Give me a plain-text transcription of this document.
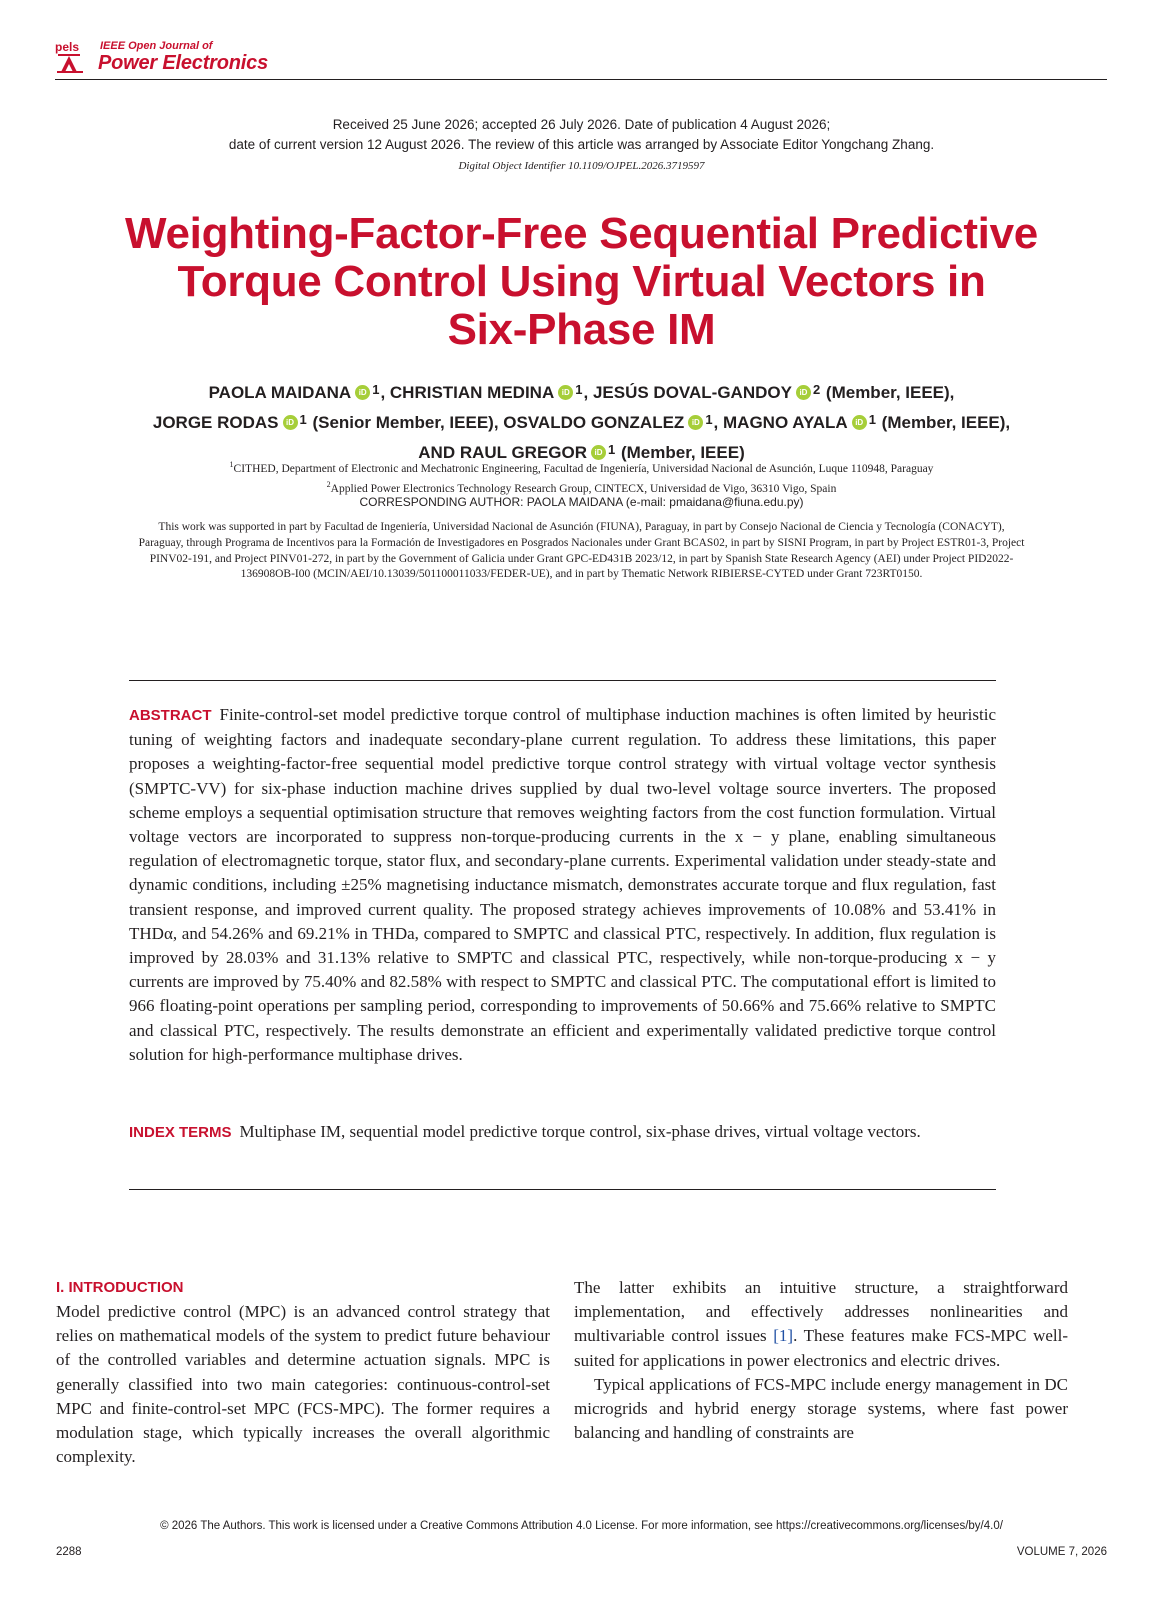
pels IEEE Open Journal of
Power Electronics
Received 25 June 2026; accepted 26 July 2026. Date of publication 4 August 2026;
date of current version 12 August 2026. The review of this article was arranged by Associate Editor Yongchang Zhang.
Digital Object Identifier 10.1109/OJPEL.2026.3719597
Weighting-Factor-Free Sequential Predictive
Torque Control Using Virtual Vectors in
Six-Phase IM
PAOLA MAIDANA iD $^1$, CHRISTIAN MEDINA iD $^1$, JESÚS DOVAL-GANDOY iD $^2$ (Member, IEEE),
JORGE RODAS iD $^1$ (Senior Member, IEEE), OSVALDO GONZALEZ iD $^1$, MAGNO AYALA iD $^1$ (Member, IEEE),
AND RAUL GREGOR iD $^1$ (Member, IEEE)
$^1$CITHED, Department of Electronic and Mechatronic Engineering, Facultad de Ingeniería, Universidad Nacional de Asunción, Luque 110948, Paraguay
$^2$Applied Power Electronics Technology Research Group, CINTECX, Universidad de Vigo, 36310 Vigo, Spain
CORRESPONDING AUTHOR: PAOLA MAIDANA (e-mail: pmaidana@fiuna.edu.py)
This work was supported in part by Facultad de Ingeniería, Universidad Nacional de Asunción (FIUNA), Paraguay, in part by Consejo Nacional de Ciencia y Tecnología (CONACYT), Paraguay, through Programa de Incentivos para la Formación de Investigadores en Posgrados Nacionales under Grant BCAS02, in part by SISNI Program, in part by Project ESTR01-3, Project PINV02-191, and Project PINV01-272, in part by the Government of Galicia under Grant GPC-ED431B 2023/12, in part by Spanish State Research Agency (AEI) under Project PID2022-136908OB-I00 (MCIN/AEI/10.13039/501100011033/FEDER-UE), and in part by Thematic Network RIBIERSE-CYTED under Grant 723RT0150.
ABSTRACT Finite-control-set model predictive torque control of multiphase induction machines is often limited by heuristic tuning of weighting factors and inadequate secondary-plane current regulation. To address these limitations, this paper proposes a weighting-factor-free sequential model predictive torque control strategy with virtual voltage vector synthesis (SMPTC-VV) for six-phase induction machine drives supplied by dual two-level voltage source inverters. The proposed scheme employs a sequential optimisation structure that removes weighting factors from the cost function formulation. Virtual voltage vectors are incorporated to suppress non-torque-producing currents in the x − y plane, enabling simultaneous regulation of electromagnetic torque, stator flux, and secondary-plane currents. Experimental validation under steady-state and dynamic conditions, including ±25% magnetising inductance mismatch, demonstrates accurate torque and flux regulation, fast transient response, and improved current quality. The proposed strategy achieves improvements of 10.08% and 53.41% in THDα, and 54.26% and 69.21% in THDa, compared to SMPTC and classical PTC, respectively. In addition, flux regulation is improved by 28.03% and 31.13% relative to SMPTC and classical PTC, respectively, while non-torque-producing x − y currents are improved by 75.40% and 82.58% with respect to SMPTC and classical PTC. The computational effort is limited to 966 floating-point operations per sampling period, corresponding to improvements of 50.66% and 75.66% relative to SMPTC and classical PTC, respectively. The results demonstrate an efficient and experimentally validated predictive torque control solution for high-performance multiphase drives.
INDEX TERMS Multiphase IM, sequential model predictive torque control, six-phase drives, virtual voltage vectors.
I. INTRODUCTION

Model predictive control (MPC) is an advanced control strategy that relies on mathematical models of the system to predict future behaviour of the controlled variables and determine actuation signals. MPC is generally classified into two main categories: continuous-control-set MPC and finite-control-set MPC (FCS-MPC). The former requires a modulation stage, which typically increases the overall algorithmic complexity.

The latter exhibits an intuitive structure, a straightforward implementation, and effectively addresses nonlinearities and multivariable control issues [1]. These features make FCS-MPC well-suited for applications in power electronics and electric drives.

Typical applications of FCS-MPC include energy management in DC microgrids and hybrid energy storage systems, where fast power balancing and handling of constraints are

© 2026 The Authors. This work is licensed under a Creative Commons Attribution 4.0 License. For more information, see https://creativecommons.org/licenses/by/4.0/
2288	VOLUME 7, 2026
